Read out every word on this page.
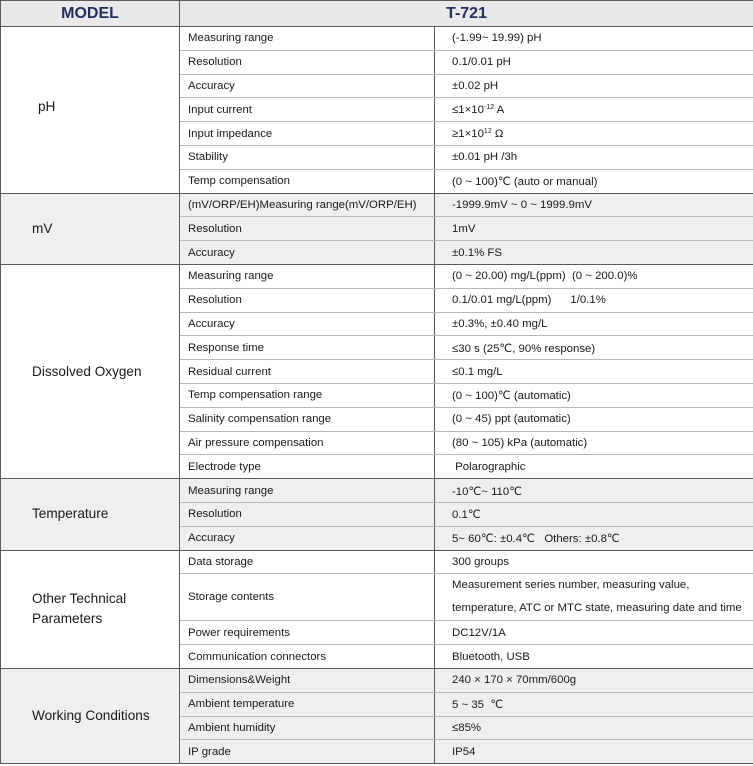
MODEL	T-721	
pH	Measuring range	(-1.99~ 19.99) pH
	Resolution	0.1/0.01 pH
	Accuracy	±0.02 pH
	Input current	$\le 1\times 10^{-12}$ A
	Input impedance	$\ge 1\times 10^{12}$ Ω
	Stability	±0.01 pH /3h
	Temp compensation	(0 ~ 100)℃ (auto or manual)
mV	(mV/ORP/EH)Measuring range(mV/ORP/EH)	-1999.9mV ~ 0 ~ 1999.9mV
	Resolution	1mV
	Accuracy	±0.1% FS
Dissolved Oxygen	Measuring range	(0 ~ 20.00) mg/L(ppm)  (0 ~ 200.0)%
	Resolution	0.1/0.01 mg/L(ppm)      1/0.1%
	Accuracy	±0.3%, ±0.40 mg/L
	Response time	≤30 s (25℃, 90% response)
	Residual current	≤0.1 mg/L
	Temp compensation range	(0 ~ 100)℃ (automatic)
	Salinity compensation range	(0 ~ 45) ppt (automatic)
	Air pressure compensation	(80 ~ 105) kPa (automatic)
	Electrode type	Polarographic
Temperature	Measuring range	-10℃~ 110℃
	Resolution	0.1℃
	Accuracy	5~ 60℃: ±0.4℃   Others: ±0.8℃
Other Technical Parameters	Data storage	300 groups
	Storage contents	Measurement series number, measuring value, temperature, ATC or MTC state, measuring date and time
	Power requirements	DC12V/1A
	Communication connectors	Bluetooth, USB
Working Conditions	Dimensions&Weight	240 × 170 × 70mm/600g
	Ambient temperature	5 ~ 35  ℃
	Ambient humidity	≤85%
	IP grade	IP54
